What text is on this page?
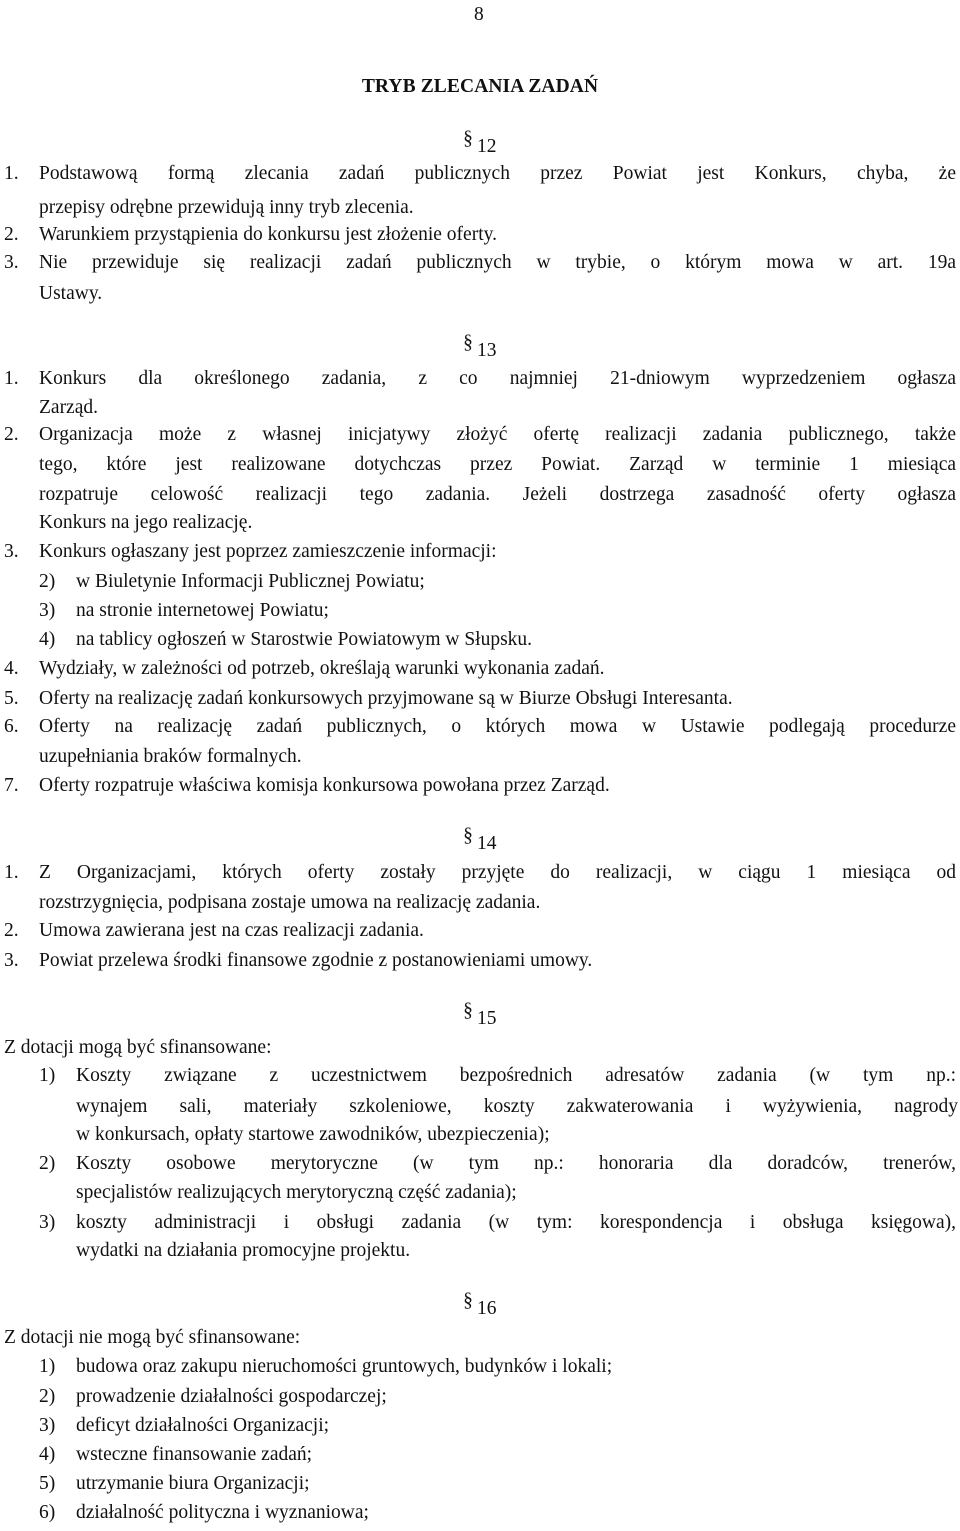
8
TRYB ZLECANIA ZADAŃ
§ 12
1. Podstawową formą zlecania zadań publicznych przez Powiat jest Konkurs, chyba, że
przepisy odrębne przewidują inny tryb zlecenia.
2. Warunkiem przystąpienia do konkursu jest złożenie oferty.
3. Nie przewiduje się realizacji zadań publicznych w trybie, o którym mowa w art. 19a
Ustawy.
§ 13
1. Konkurs dla określonego zadania, z co najmniej 21-dniowym wyprzedzeniem ogłasza
Zarząd.
2. Organizacja może z własnej inicjatywy złożyć ofertę realizacji zadania publicznego, także
tego, które jest realizowane dotychczas przez Powiat. Zarząd w terminie 1 miesiąca
rozpatruje celowość realizacji tego zadania. Jeżeli dostrzega zasadność oferty ogłasza
Konkurs na jego realizację.
3. Konkurs ogłaszany jest poprzez zamieszczenie informacji:
2) w Biuletynie Informacji Publicznej Powiatu;
3) na stronie internetowej Powiatu;
4) na tablicy ogłoszeń w Starostwie Powiatowym w Słupsku.
4. Wydziały, w zależności od potrzeb, określają warunki wykonania zadań.
5. Oferty na realizację zadań konkursowych przyjmowane są w Biurze Obsługi Interesanta.
6. Oferty na realizację zadań publicznych, o których mowa w Ustawie podlegają procedurze
uzupełniania braków formalnych.
7. Oferty rozpatruje właściwa komisja konkursowa powołana przez Zarząd.
§ 14
1. Z Organizacjami, których oferty zostały przyjęte do realizacji, w ciągu 1 miesiąca od
rozstrzygnięcia, podpisana zostaje umowa na realizację zadania.
2. Umowa zawierana jest na czas realizacji zadania.
3. Powiat przelewa środki finansowe zgodnie z postanowieniami umowy.
§ 15
Z dotacji mogą być sfinansowane:
1) Koszty związane z uczestnictwem bezpośrednich adresatów zadania (w tym np.:
wynajem sali, materiały szkoleniowe, koszty zakwaterowania i wyżywienia, nagrody
w konkursach, opłaty startowe zawodników, ubezpieczenia);
2) Koszty osobowe merytoryczne (w tym np.: honoraria dla doradców, trenerów,
specjalistów realizujących merytoryczną część zadania);
3) koszty administracji i obsługi zadania (w tym: korespondencja i obsługa księgowa),
wydatki na działania promocyjne projektu.
§ 16
Z dotacji nie mogą być sfinansowane:
1) budowa oraz zakupu nieruchomości gruntowych, budynków i lokali;
2) prowadzenie działalności gospodarczej;
3) deficyt działalności Organizacji;
4) wsteczne finansowanie zadań;
5) utrzymanie biura Organizacji;
6) działalność polityczna i wyznaniowa;
